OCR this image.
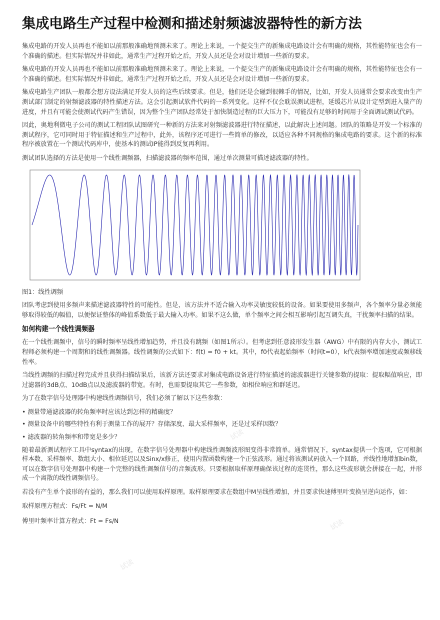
集成电路生产过程中检测和描述射频滤波器特性的新方法

集成电路的开发人员再也不能如以前那般准确地预测未来了。理论上来说，一个提交生产的新集成电路设计会有明确的规格，其性能特征也会有一个准确的描述。但实际情况并非如此，通常生产过程开始之后，开发人员还是会对设计增加一些新的要求。

集成电路的开发人员再也不能如以前那般准确地预测未来了。理论上来说，一个提交生产的新集成电路设计会有明确的规格，其性能特征也会有一个准确的描述。但实际情况并非如此，通常生产过程开始之后，开发人员还是会对设计增加一些新的要求。

集成电路生产团队一般都会想方设法满足开发人员的这些后续要求。但是，他们还是会碰到很棘手的情况，比如，开发人员通常会要求改变由生产测试部门制定的射频滤波器的特性描述方法。这会引起测试软件代码的一系列变化。这样不仅会耽误测试进程，延缓芯片从设计定型到进入量产的进度，并且有可能会使测试代码产生错误，因为整个生产团队经常处于加快制造过程的巨大压力下，可能没有足够的时间用于全面调试测试代码。

因此，奥地利微电子公司的测试工程团队试图研究一种新的方法来对射频滤波器进行特征描述，以此解决上述问题。团队的策略是开发一个标准的测试程序，它可同时用于特征描述和生产过程中，此外，该程序还可进行一些简单的修改，以适应各种不同规格的集成电路的要求。这个新的标准程序被放置在一个测试代码库中，使基本的测试IP能得到反复再利用。

测试团队选择的方法是使用一个线性调频器，扫描滤波器的频率范围，通过单次测量可描述滤波器的特性。

图1：线性调频

团队考虑到使用多频声来描述滤波器特性的可能性。但是，该方法并不适合输入功率灵敏度较低的设备。如果要使用多频声，各个频率分量必须能够取得较低的幅值，以便保证整体的峰值系数低于最大输入功率。如果不这么做，单个频率之间会相互影响引起互调失真，干扰频率扫描的结果。

如何构建一个线性调频器

在一个线性调频中，信号的瞬时频率呈线性增加趋势，并且没有跳频（如图1所示）。但考虑到任意波形发生器（AWG）中有限的内存大小，测试工程师必须构建一个周期和的线性调频器。线性调频的公式如下：f(t) = f0 + kt。其中，f0代表起始频率（时间t=0），k代表频率增加速度或频移线性率。

当线性调频的扫描过程完成并且获得扫描结果后，该新方法还要求对集成电路设备进行特征描述的滤波器进行关键参数的提取：提取幅值响应，即过滤器的3dB点、10dB点以及滤波器的带宽。有时，也需要提取其它一些参数，如相位响应和群延迟。

为了在数字信号处理器中构建线性调频信号，我们必须了解以下这些参数：

• 测量带通滤波器的转角频率时应该达到怎样的精确度？

• 测量设备中的哪些特性有利于测量工作的展开？存储深度、最大采样频率，还是过采样因数？

• 滤波器的转角频率和带宽是多少？

随着最新测试程序工具中syntax的出现，在数字信号处理器中构建线性调频波形图变得非常简单。通常情况下，syntax提供一个选项，它可根据样本数、采样频率、数组大小、相位延迟以及Sinx/x修正，使用内置函数构建一个正弦波形。通过将该测试码放入一个回路，并线性地增加bin数，可以在数字信号处理器中构建一个完整的线性调频信号的音频波形。只要根据取样原理确保该过程的连贯性，那么这些波形就会拼接在一起，并形成一个离散的线性调频信号。

若没有产生单个波形的有益的，那么我们可以使用取样原理。取样原理要求在数组中M呈线性增加，并且要求快速傅里叶变换呈逆向运作，如：

取样原理方程式：Fs/Ft = N/M

傅里叶频率计算方程式：Ft = Fs/N

试读
试读
试读
